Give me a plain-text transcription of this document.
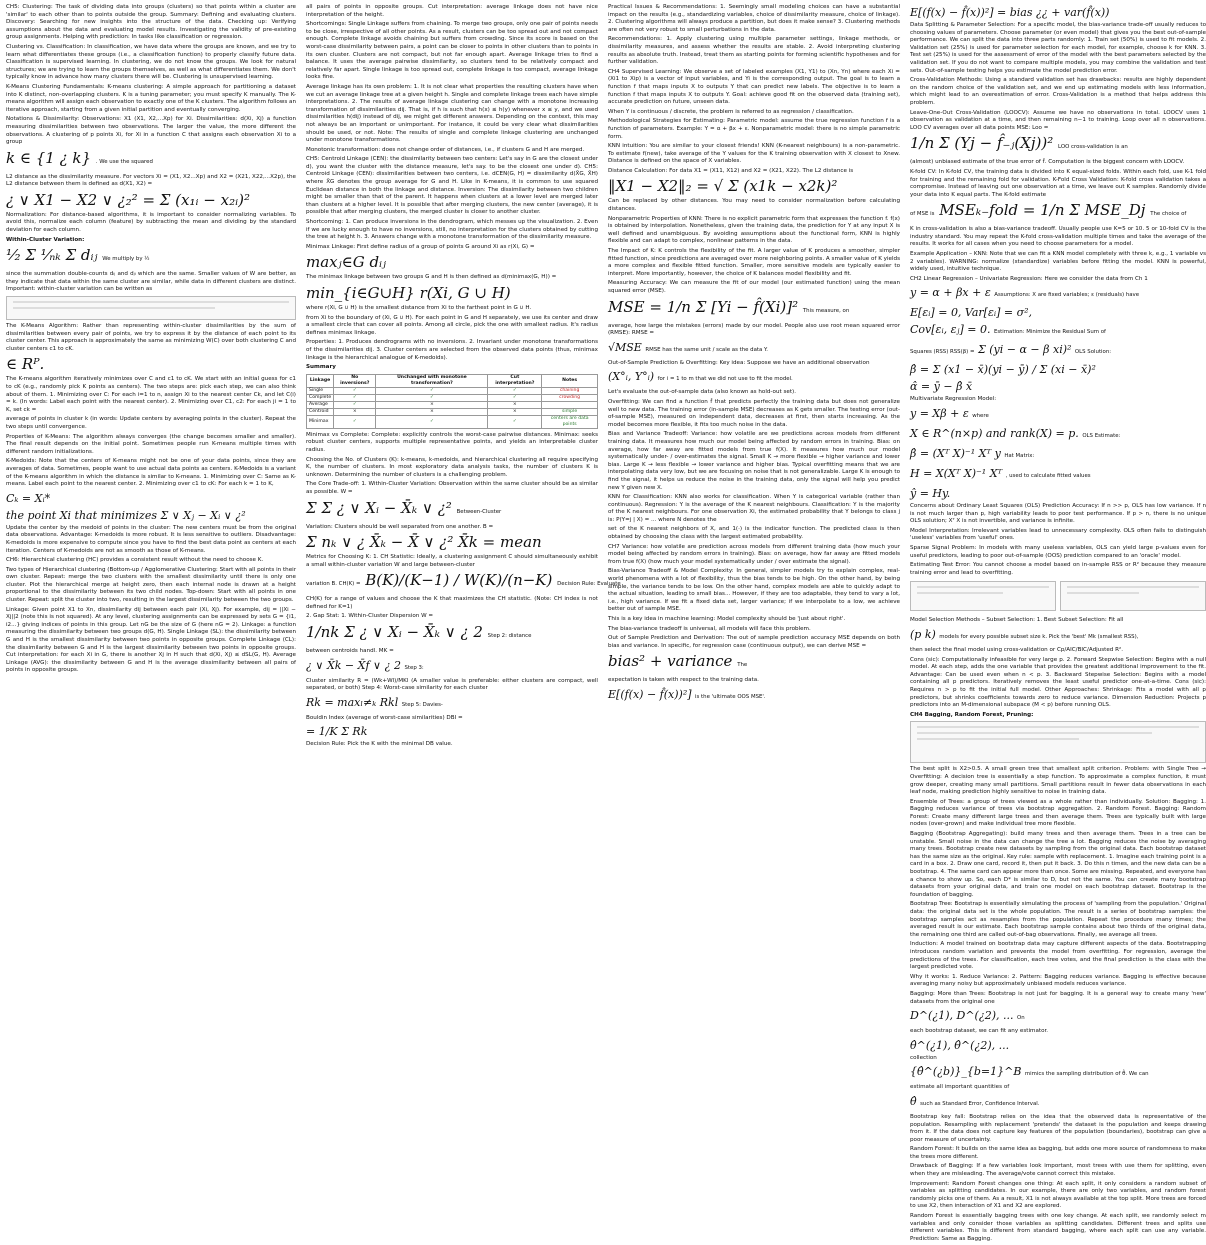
CH5: Clustering: The task of dividing data into groups (clusters) so that points within a cluster are 'similar' to each other than to points outside the group. Summary: Defining and evaluating clusters. Discovery: Searching for new insights into the structure of the data. Checking up: Verifying assumptions about the data and evaluating model results. Investigating the validity of pre-existing group assignments. Helping with prediction: In tasks like classification or regression.

Clustering vs. Classification: In classification, we have data where the groups are known, and we try to learn what differentiates these groups (i.e., a classification function) to properly classify future data. Classification is supervised learning. In clustering, we do not know the groups. We look for natural structures; we are trying to learn the groups themselves, as well as what differentiates them. We don't typically know in advance how many clusters there will be. Clustering is unsupervised learning.

K-Means Clustering Fundamentals: K-means clustering: A simple approach for partitioning a dataset into K distinct, non-overlapping clusters. K is a tuning parameter; you must specify K manually. The K-means algorithm will assign each observation to exactly one of the K clusters. The algorithm follows an iterative approach, starting from a given initial partition and eventually converging.

Notations & Dissimilarity: Observations: X1 (X1, X2,...Xp) for Xi. Dissimilarities: d(Xi, Xj) a function measuring dissimilarities between two observations. The larger the value, the more different the observations. A clustering of p points Xi, for Xi in a function C that assigns each observation Xi to a group

k ∈ {1 ¿ k} . We use the squared

L2 distance as the dissimilarity measure. For vectors Xi = (X1, X2...Xp) and X2 = (X21, X22,...X2p), the L2 distance between them is defined as d(X1, X2) =

¿ ∨ X1 − X2 ∨ ¿₂² = Σ (x₁ᵢ − x₂ᵢ)²

Normalization: For distance-based algorithms, it is important to consider normalizing variables. To avoid this, normalize each column (feature) by subtracting the mean and dividing by the standard deviation for each column.

Within-Cluster Variation:

¹⁄₂ Σ ¹⁄ₙₖ Σ dᵢⱼ We multiply by ½

since the summation double-counts dᵢⱼ and dⱼᵢ which are the same. Smaller values of W are better, as they indicate that data within the same cluster are similar, while data in different clusters are distinct. Important: within-cluster variation can be written as

The K-Means Algorithm: Rather than representing within-cluster dissimilarities by the sum of dissimilarities between every pair of points, we try to express it by the distance of each point to its cluster center. This approach is approximately the same as minimizing W(C) over both clustering C and cluster centers c1 to cK.

∈ Rᴾ.

The K-means algorithm iteratively minimizes over C and c1 to cK. We start with an initial guess for c1 to cK (e.g., randomly pick K points as centers). The two steps are: pick each step, we can also think about of them. 1. Minimizing over C: For each i=1 to n, assign Xi to the nearest center Ck, and let C(i) = k. (In words: Label each point with the nearest center). 2. Minimizing over C1, c2: For each ji = 1 to K, set ck =

average of points in cluster k (in words: Update centers by averaging points in the cluster). Repeat the two steps until convergence.

Properties of K-Means: The algorithm always converges (the change becomes smaller and smaller). The final result depends on the initial point. Sometimes people run K-means multiple times with different random initializations.

K-Medoids: Note that the centers of K-means might not be one of your data points, since they are averages of data. Sometimes, people want to use actual data points as centers. K-Medoids is a variant of the K-means algorithm in which the distance is similar to K-means. 1. Minimizing over C: Same as K-means. Label each point to the nearest center. 2. Minimizing over c1 to cK: For each k = 1 to K,

Cₖ = Xᵢ*
the point Xi that minimizes Σ ∨ Xⱼ − Xᵢ ∨ ¿²

Update the center by the medoid of points in the cluster: The new centers must be from the original data observations. Advantage: K-medoids is more robust. It is less sensitive to outliers. Disadvantage: K-medoids is more expensive to compute since you have to find the best data point as centers at each iteration. Centers of K-medoids are not as smooth as those of K-means.

CH6: Hierarchical clustering (HC) provides a consistent result without the need to choose K.

Two types of Hierarchical clustering (Bottom-up / Agglomerative Clustering: Start with all points in their own cluster. Repeat: merge the two clusters with the smallest dissimilarity until there is only one cluster. Plot the hierarchical merge at height zero, then each internal node is drawn at a height proportional to the dissimilarity between its two child nodes. Top-down: Start with all points in one cluster. Repeat: split the cluster into two, resulting in the largest dissimilarity between the two groups.

Linkage: Given point X1 to Xn, dissimilarity dij between each pair (Xi, Xj). For example, dij = ||Xi − Xj||2 (note this is not squared). At any level, clustering assignments can be expressed by sets G = {i1, i2...} giving indices of points in this group. Let nG be the size of G (here nG = 2). Linkage: a function measuring the dissimilarity between two groups d(G, H). Single Linkage (SL): the dissimilarity between G and H is the smallest dissimilarity between two points in opposite groups. Complete Linkage (CL): the dissimilarity between G and H is the largest dissimilarity between two points in opposite groups. Cut interpretation: for each Xi in G, there is another Xj in H such that d(Xi, Xj) ≤ dSL(G, H). Average Linkage (AVG): the dissimilarity between G and H is the average dissimilarity between all pairs of points in opposite groups.

all pairs of points in opposite groups. Cut interpretation: average linkage does not have nice interpretation of the height.

Shortcomings: Single Linkage suffers from chaining. To merge two groups, only one pair of points needs to be close, irrespective of all other points. As a result, clusters can be too spread out and not compact enough. Complete linkage avoids chaining but suffers from crowding. Since its score is based on the worst-case dissimilarity between pairs, a point can be closer to points in other clusters than to points in its own cluster. Clusters are not compact, but not far enough apart. Average linkage tries to find a balance. It uses the average pairwise dissimilarity, so clusters tend to be relatively compact and relatively far apart. Single linkage is too spread out, complete linkage is too compact, average linkage looks fine.

Average linkage has its own problem: 1. It is not clear what properties the resulting clusters have when we cut an average linkage tree at a given height h. Single and complete linkage trees each have simple interpretations. 2. The results of average linkage clustering can change with a monotone increasing transformation of dissimilarities dij. That is, if h is such that h(x) ≤ h(y) whenever x ≤ y, and we used dissimilarities h(dij) instead of dij, we might get different answers. Depending on the context, this may not always be an important or unimportant. For instance, it could be very clear what dissimilarities should be used, or not. Note: The results of single and complete linkage clustering are unchanged under monotone transformations.

Monotonic transformation: does not change order of distances, i.e., if clusters G and H are merged.

CH5: Centroid Linkage (CEN): the dissimilarity between two centers: Let's say in G are the closest under d), you want the cluster with the distance measure, let's say. to be the closest one under d). CH5: Centroid Linkage (CEN): dissimilarities between two centers, i.e. dCEN(G, H) = dissimilarity d(X̄G, X̄H) where X̄G denotes the group average for G and H. Like in K-means, it is common to use squared Euclidean distance in both the linkage and distance. Inversion: The dissimilarity between two children might be smaller than that of the parent. It happens when clusters at a lower level are merged later than clusters at a higher level. It is possible that after merging clusters, the new center (average), it is possible that after merging clusters, the merged cluster is closer to another cluster.

Shortcoming: 1. Can produce inversions in the dendrogram, which messes up the visualization. 2. Even if we are lucky enough to have no inversions, still, no interpretation for the clusters obtained by cutting the tree at height h. 3. Answers change with a monotone transformation of the dissimilarity measure.

Minimax Linkage: First define radius of a group of points G around Xi as r(Xi, G) =

maxⱼ∈G dᵢⱼ

The minimax linkage between two groups G and H is then defined as d(minimax(G, H)) =

min_{i∈G∪H} r(Xi, G ∪ H)

where r(Xi, G ∪ H) is the smallest distance from Xi to the farthest point in G ∪ H.

from Xi to the boundary of (Xi, G ∪ H). For each point in G and H separately, we use its center and draw a smallest circle that can cover all points. Among all circle, pick the one with smallest radius. It's radius defines minimax linkage.

Properties: 1. Produces dendrograms with no inversions. 2. Invariant under monotone transformations of the dissimilarities dij. 3. Cluster centers are selected from the observed data points (thus, minimax linkage is the hierarchical analogue of K-medoids).

Summary

Linkage	No inversions?	Unchanged with monotone transformation?	Cut interpretation?	Notes
Single	✓	✓	✓	chaining
Complete	✓	✓	✓	crowding
Average	✓	×	×	
Centroid	×	×	×	simple
Minimax	✓	✓	✓	centers are data points

Minimax vs Complete: Complete: explicitly controls the worst-case pairwise distances. Minimax: seeks robust cluster centers, supports multiple representative points, and yields an interpretable cluster radius.

Choosing the No. of Clusters (K): k-means, k-medoids, and hierarchical clustering all require specifying K, the number of clusters. In most exploratory data analysis tasks, the number of clusters K is unknown. Determining the number of clusters is a challenging problem.

The Core Trade-off: 1. Within-Cluster Variation: Observation within the same cluster should be as similar as possible. W =

Σ Σ ¿ ∨ Xᵢ − X̄ₖ ∨ ¿² Between-Cluster

Variation: Clusters should be well separated from one another. B =

Σ nₖ ∨ ¿ X̄ₖ − X̄ ∨ ¿² X̄k = mean

Metrics for Choosing K: 1. CH Statistic: Ideally, a clustering assignment C should simultaneously exhibit a small within-cluster variation W and large between-cluster

variation B. CH(K) = B(K)/(K−1) / W(K)/(n−K) Decision Rule: Evaluate

CH(K) for a range of values and choose the K that maximizes the CH statistic. (Note: CH index is not defined for K=1)

2. Gap Stat: 1. Within-Cluster Dispersion W =

1/nk Σ ¿ ∨ Xᵢ − X̄ₖ ∨ ¿ 2 Step 2: distance

between centroids handl. MK =

¿ ∨ X̄k − X̄f ∨ ¿ 2 Step 3:

Cluster similarity R = (Wk+Wl)/MKl (A smaller value is preferable: either clusters are compact, well separated, or both) Step 4: Worst-case similarity for each cluster

Rk = maxₗ≠ₖ Rkl Step 5: Davies-

Bouldin Index (average of worst-case similarities) DBI =

= 1/K Σ Rk

Decision Rule: Pick the K with the minimal DB value.

Practical Issues & Recommendations: 1. Seemingly small modeling choices can have a substantial impact on the results (e.g., standardizing variables, choice of dissimilarity measure, choice of linkage). 2. Clustering algorithms will always produce a partition, but does it make sense? 3. Clustering methods are often not very robust to small perturbations in the data.

Recommendations: 1. Apply clustering using multiple parameter settings, linkage methods, or dissimilarity measures, and assess whether the results are stable. 2. Avoid interpreting clustering results as absolute truth. Instead, treat them as starting points for forming scientific hypotheses and for further validation.

CH4 Supervised Learning: We observe a set of labeled examples (X1, Y1) to (Xn, Yn) where each Xi = (Xi1 to Xip) is a vector of input variables, and Yi is the corresponding output. The goal is to learn a function f that maps inputs X to outputs Y that can predict new labels. The objective is to learn a function f that maps inputs X to outputs Y. Goal: achieve good fit on the observed data (training set), accurate prediction on future, unseen data.

When Y is continuous / discrete, the problem is referred to as regression / classification.

Methodological Strategies for Estimating: Parametric model: assume the true regression function f is a function of parameters. Example: Y = α + βx + ε. Nonparametric model: there is no simple parametric form.

KNN intuition: You are similar to your closest friends! KNN (K-nearest neighbours) is a non-parametric. To estimate f(new), take average of the Y values for the K training observation with X closest to Xnew. Distance is defined on the space of X variables.

Distance Calculation: For data X1 = (X11, X12) and X2 = (X21, X22). The L2 distance is

‖X1 − X2‖₂ = √ Σ (x1k − x2k)²

Can be replaced by other distances. You may need to consider normalization before calculating distances.

Nonparametric Properties of KNN: There is no explicit parametric form that expresses the function f. f(x) is obtained by interpolation. Nonetheless, given the training data, the prediction for Y at any input X is well defined and unambiguous. By avoiding assumptions about the functional form, KNN is highly flexible and can adapt to complex, nonlinear patterns in the data.

The Impact of K: K controls the flexibility of the fit. A larger value of K produces a smoother, simpler fitted function, since predictions are averaged over more neighboring points. A smaller value of K yields a more complex and flexible fitted function. Smaller, more sensitive models are typically easier to interpret. More importantly, however, the choice of K balances model flexibility and fit.

Measuring Accuracy: We can measure the fit of our model (our estimated function) using the mean squared error (MSE).

MSE = 1/n Σ [Yi − f̂(Xi)]² This measure, on

average, how large the mistakes (errors) made by our model. People also use root mean squared error (RMSE): RMSE =

√MSE RMSE has the same unit / scale as the data Y.

Out-of-Sample Prediction & Overfitting: Key idea: Suppose we have an additional observation

(X°ᵢ, Y°ᵢ) for i = 1 to m that we did not use to fit the model.

Let's evaluate the out-of-sample data (also known as hold-out set).

Overfitting: We can find a function f̂ that predicts perfectly the training data but does not generalize well to new data. The training error (in-sample MSE) decreases as K gets smaller. The testing error (out-of-sample MSE), measured on independent data, decreases at first, then starts increasing. As the model becomes more flexible, it fits too much noise in the data.

Bias and Variance Tradeoff: Variance: how volatile are we predictions across models from different training data. It measures how much our model being affected by random errors in training. Bias: on average, how far away are fitted models from true f(X). It measures how much our model systematically under- / over-estimates the signal. Small K → more flexible → higher variance and lower bias. Large K → less flexible → lower variance and higher bias. Typical overfitting means that we are interpolating data very low, but we are focusing on noise that is not generalizable. Large K is enough to find the signal, it helps us reduce the noise in the training data, only the signal will help you predict new Y given new X.

KNN for Classification: KNN also works for classification. When Y is categorical variable (rather than continuous). Regression: Y is the average of the K nearest neighbours. Classification: Y is the majority of the K nearest neighbours. For one observation Xi, the estimated probability that Y belongs to class j is: P(Y=j | X) = ... where N denotes the

set of the K nearest neighbors of X, and 1(·) is the indicator function. The predicted class is then obtained by choosing the class with the largest estimated probability.

CH7 Variance: how volatile are prediction across models from different training data (how much your model being affected by random errors in training). Bias: on average, how far away are fitted models from true f(X) (how much your model systematically under / over estimate the signal).

Bias-Variance Tradeoff & Model Complexity: In general, simpler models try to explain complex, real-world phenomena with a lot of flexibility, thus the bias tends to be high. On the other hand, by being simple, the variance tends to be low. On the other hand, complex models are able to quickly adapt to the actual situation, leading to small bias... However, if they are too adaptable, they tend to vary a lot, i.e., high variance. If we fit a fixed data set, larger variance; if we interpolate to a low, we achieve better out of sample MSE.

This is a key idea in machine learning: Model complexity should be 'just about right'.

The bias-variance tradeoff is universal, all models will face this problem.

Out of Sample Prediction and Derivation: The out of sample prediction accuracy MSE depends on both bias and variance. In specific, for regression case (continuous output), we can derive MSE =

bias² + variance The

expectation is taken with respect to the training data.

E[(f(x) − f̂(x))²] is the 'ultimate OOS MSE'.
E[(f(x) − f̂(x))²] = bias ¿¿ + var(f̂(x))

Data Splitting & Parameter Selection: For a specific model, the bias-variance trade-off usually reduces to choosing values of parameters. Choose parameter (or even model) that gives you the best out-of-sample performance. We can split the data into three parts randomly: 1. Train set (50%) is used to fit models. 2. Validation set (25%) is used for parameter selection for each model, for example, choose k for KNN. 3. Test set (25%) is used for the assessment of error of the model with the best parameters selected by the validation set. If you do not want to compare multiple models, you may combine the validation and test sets. Out-of-sample testing helps you estimate the model prediction error.

Cross-Validation Methods: Using a standard validation set has drawbacks: results are highly dependent on the random choice of the validation set, and we end up estimating models with less information, which might lead to an overestimation of error. Cross-Validation is a method that helps address this problem.

Leave-One-Out Cross-Validation (LOOCV): Assume we have no observations in total. LOOCV uses 1 observation as validation at a time, and then remaining n−1 to training. Loop over all n observations. LOO CV averages over all data points MSE: Loo =

1/n Σ (Yj − f̂₋ⱼ(Xj))² LOO cross-validation is an

(almost) unbiased estimate of the true error of f̂. Computation is the biggest concern with LOOCV.

K-fold CV: In K-fold CV, the training data is divided into K equal-sized folds. Within each fold, use K-1 fold for training and the remaining fold for validation. K-Fold Cross Validation: K-fold cross validation takes a compromise. Instead of leaving out one observation at a time, we leave out K samples. Randomly divide your data into K equal parts. The K-fold estimate

of MSE is MSEₖ₋fold = 1/n Σ MSE_Dj The choice of

K in cross-validation is also a bias-variance tradeoff. Usually people use K=5 or 10. 5 or 10-fold CV is the industry standard. You may repeat the K-fold cross-validation multiple times and take the average of the results. It works for all cases when you need to choose parameters for a model.

Example Application – KNN: Note that we can fit a KNN model completely with three k, e.g., 1 variable vs 2 variables). WARNING: normalize (standardize) variables before fitting the model. KNN is powerful, widely used, intuitive technique.

CH2 Linear Regression – Univariate Regression: Here we consider the data from Ch 1

y = α + βx + ε Assumptions: X are fixed variables; ε (residuals) have
E[εᵢ] = 0, Var[εᵢ] = σ²,
Cov[εᵢ, εⱼ] = 0. Estimation: Minimize the Residual Sum of
Squares (RSS) RSS(β) = Σ (yi − α − β xi)² OLS Solution:
β̂ = Σ (x1 − x̄)(yi − ȳ) / Σ (xi − x̄)²
α̂ = ȳ − β̂ x̄

Multivariate Regression Model:

y = Xβ + ε where
X ∈ R^(n×p) and rank(X) = p. OLS Estimate:
β̂ = (Xᵀ X)⁻¹ Xᵀ y Hat Matrix:
H = X(Xᵀ X)⁻¹ Xᵀ , used to calculate fitted values
ŷ = Hy.

Concerns about Ordinary Least Squares (OLS) Prediction Accuracy: If n >> p, OLS has low variance. If n is not much larger than p, high variability leads to poor test performance. If p > n, there is no unique OLS solution; Xᵀ X is not invertible, and variance is infinite.

Model Interpretation: Irrelevant variables lead to unnecessary complexity. OLS often fails to distinguish 'useless' variables from 'useful' ones.

Sparse Signal Problem: In models with many useless variables, OLS can yield large p-values even for useful predictors, leading to poor out-of-sample (OOS) prediction compared to an 'oracle' model.

Estimating Test Error: You cannot choose a model based on in-sample RSS or R² because they measure training error and lead to overfitting.

Model Selection Methods – Subset Selection: 1. Best Subset Selection: Fit all

(p k) models for every possible subset size k. Pick the 'best' Mk (smallest RSS),

then select the final model using cross-validation or Cp/AIC/BIC/Adjusted R².

Cons (sic): Computationally infeasible for very large p. 2. Forward Stepwise Selection: Begins with a null model. At each step, adds the one variable that provides the greatest additional improvement to the fit. Advantage: Can be used even when n < p. 3. Backward Stepwise Selection: Begins with a model containing all p predictors. Iteratively removes the least useful predictor one-at-a-time. Cons (sic): Requires n > p to fit the initial full model. Other Approaches: Shrinkage: Fits a model with all p predictors, but shrinks coefficients towards zero to reduce variance. Dimension Reduction: Projects p predictors into an M-dimensional subspace (M < p) before running OLS.

CH4 Bagging, Random Forest, Pruning:

The best split is X2>0.5. A small green tree that smallest split criterion. Problem: with Single Tree → Overfitting: A decision tree is essentially a step function. To approximate a complex function, it must grow deeper, creating many small partitions. Small partitions result in fewer data observations in each leaf node, making prediction highly sensitive to noise in training data.

Ensemble of Trees: a group of trees viewed as a whole rather than individually. Solution: Bagging: 1. Bagging reduces variance of trees via bootstrap aggregation. 2. Random Forest. Bagging: Random Forest: Create many different large trees and then average them. Trees are typically built with large nodes (over-grown) and make individual tree more flexible.

Bagging (Bootstrap Aggregating): build many trees and then average them. Trees in a tree can be unstable. Small noise in the data can change the tree a lot. Bagging reduces the noise by averaging many trees. Bootstrap create new datasets by sampling from the original data. Each bootstrap dataset has the same size as the original. Key rule: sample with replacement. 1. Imagine each training point is a card in a box. 2. Draw one card, record it, then put it back. 3. Do this n times, and the new data can be a bootstrap. 4. The same card can appear more than once. Some are missing. Repeated, and everyone has a chance to show up. So, each D* is similar to D, but not the same. You can create many bootstrap datasets from your original data, and train one model on each bootstrap dataset. Bootstrap is the foundation of bagging.

Bootstrap Tree: Bootstrap is essentially simulating the process of 'sampling from the population.' Original data: the original data set is the whole population. The result is a series of bootstrap samples: the bootstrap samples act as resamples from the population. Repeat the procedure many times; the averaged result is our estimate. Each bootstrap sample contains about two thirds of the original data, the remaining one third are called out-of-bag observations. Finally, we average all trees.

Induction: A model trained on bootstrap data may capture different aspects of the data. Bootstrapping introduces random variation and prevents the model from overfitting. For regression, average the predictions of the trees. For classification, each tree votes, and the final prediction is the class with the largest predicted vote.

Why it works: 1. Reduce Variance: 2. Pattern: Bagging reduces variance. Bagging is effective because averaging many noisy but approximately unbiased models reduces variance.

Bagging: More than Trees: Bootstrap is not just for bagging. It is a general way to create many 'new' datasets from the original one

D^(¿1), D^(¿2), ... On

each bootstrap dataset, we can fit any estimator.

θ̂^(¿1), θ̂^(¿2), ...

collection

{θ̂^(¿b)}_{b=1}^B mimics the sampling distribution of θ̂. We can

estimate all important quantities of

θ̂ such as Standard Error, Confidence Interval.

Bootstrap key fall: Bootstrap relies on the idea that the observed data is representative of the population. Resampling with replacement 'pretends' the dataset is the population and keeps drawing from it. If the data does not capture key features of the population (boundaries), bootstrap can give a poor measure of uncertainty.

Random Forest: It builds on the same idea as bagging, but adds one more source of randomness to make the trees more different.

Drawback of Bagging: If a few variables look important, most trees with use them for splitting, even when they are misleading. The average/vote cannot correct this mistake.

Improvement: Random Forest changes one thing: At each split, it only considers a random subset of variables as splitting candidates. In our example, there are only two variables, and random forest randomly picks one of them. As a result, X1 is not always available at the top split. More trees are forced to use X2, then interaction of X1 and X2 are explored.

Random Forest is essentially bagging trees with one key change. At each split, we randomly select m variables and only consider those variables as splitting candidates. Different trees and splits use different variables. This is different from standard bagging, where each split can use any variable. Prediction: Same as Bagging.
